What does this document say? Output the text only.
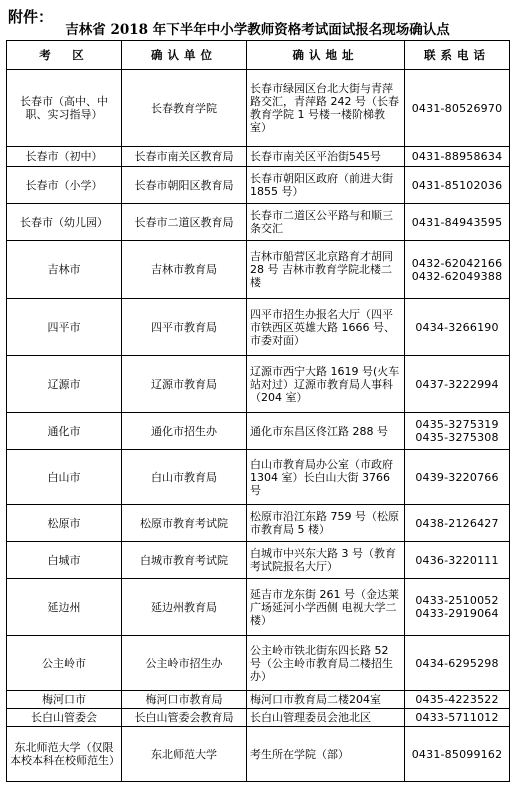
附件：
吉林省 2018 年下半年中小学教师资格考试面试报名现场确认点
考　区	确认单位	确认地址	联系电话
长春市（高中、中职、实习指导）	长春教育学院	长春市绿园区台北大街与青萍路交汇，青萍路 242 号（长春教育学院 1 号楼一楼阶梯教室）	0431-80526970
长春市（初中）	长春市南关区教育局	长春市南关区平治街545号	0431-88958634
长春市（小学）	长春市朝阳区教育局	长春市朝阳区政府（前进大街 1855 号）	0431-85102036
长春市（幼儿园）	长春市二道区教育局	长春市二道区公平路与和顺三条交汇	0431-84943595
吉林市	吉林市教育局	吉林市船营区北京路育才胡同28 号 吉林市教育学院北楼二楼	0432-62042166
0432-62049388
四平市	四平市教育局	四平市招生办报名大厅（四平市铁西区英雄大路 1666 号、市委对面）	0434-3266190
辽源市	辽源市教育局	辽源市西宁大路 1619 号(火车站对过）辽源市教育局人事科（204 室）	0437-3222994
通化市	通化市招生办	通化市东昌区佟江路 288 号	0435-3275319
0435-3275308
白山市	白山市教育局	白山市教育局办公室（市政府 1304 室）长白山大街 3766 号	0439-3220766
松原市	松原市教育考试院	松原市沿江东路 759 号（松原市教育局 5 楼）	0438-2126427
白城市	白城市教育考试院	白城市中兴东大路 3 号（教育考试院报名大厅）	0436-3220111
延边州	延边州教育局	延吉市龙东街 261 号（金达莱广场延河小学西侧 电视大学二楼）	0433-2510052
0433-2919064
公主岭市	公主岭市招生办	公主岭市铁北街东四长路 52 号（公主岭市教育局二楼招生办）	0434-6295298
梅河口市	梅河口市教育局	梅河口市教育局二楼204室	0435-4223522
长白山管委会	长白山管委会教育局	长白山管理委员会池北区	0433-5711012
东北师范大学（仅限本校本科在校师范生）	东北师范大学	考生所在学院（部）	0431-85099162
